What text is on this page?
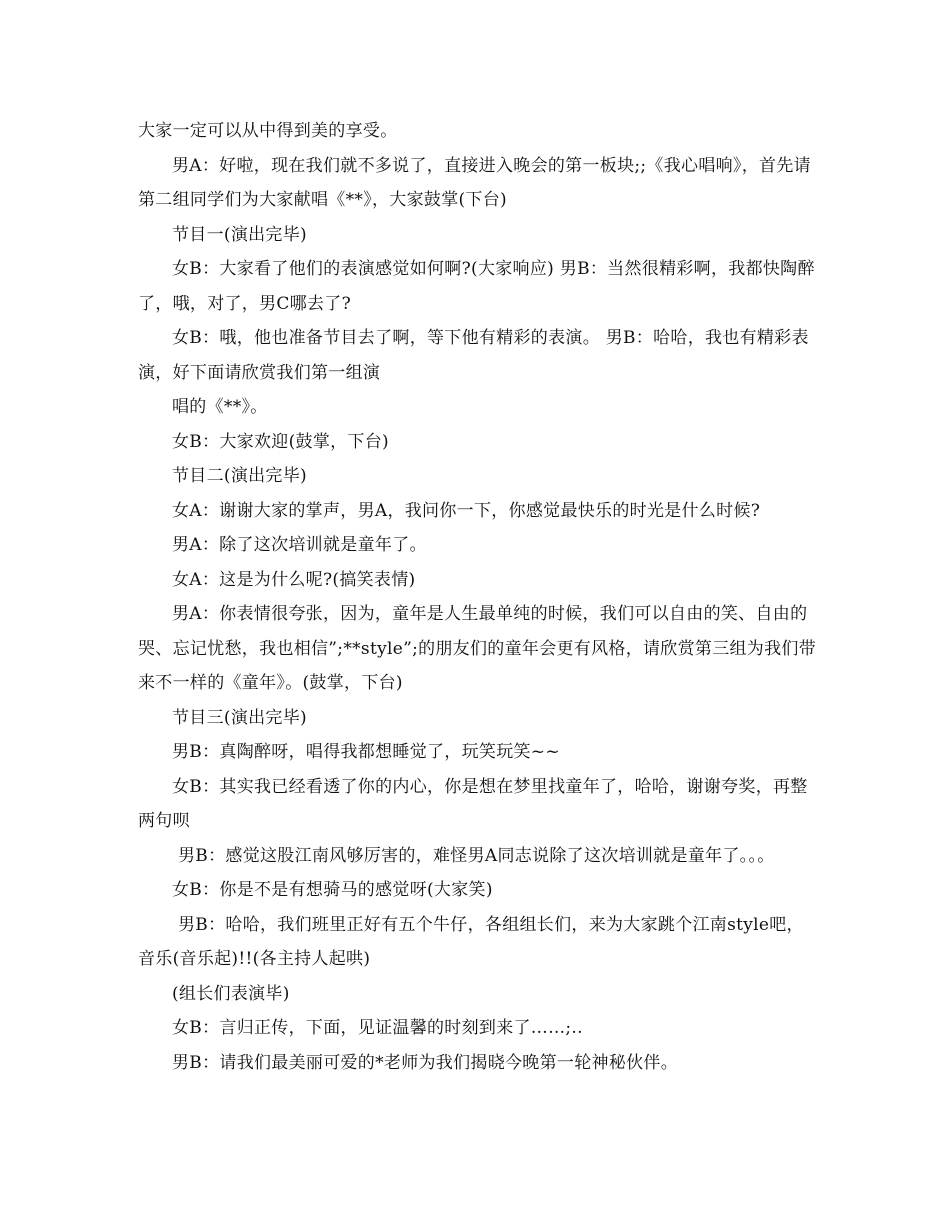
大家一定可以从中得到美的享受。

男A：好啦，现在我们就不多说了，直接进入晚会的第一板块;;《我心唱响》，首先请第二组同学们为大家献唱《**》，大家鼓掌(下台)

节目一(演出完毕)

女B：大家看了他们的表演感觉如何啊?(大家响应) 男B：当然很精彩啊，我都快陶醉了，哦，对了，男C哪去了?

女B：哦，他也准备节目去了啊，等下他有精彩的表演。 男B：哈哈，我也有精彩表演，好下面请欣赏我们第一组演

唱的《**》。

女B：大家欢迎(鼓掌，下台)

节目二(演出完毕)

女A：谢谢大家的掌声，男A，我问你一下，你感觉最快乐的时光是什么时候?

男A：除了这次培训就是童年了。

女A：这是为什么呢?(搞笑表情)

男A：你表情很夸张，因为，童年是人生最单纯的时候，我们可以自由的笑、自由的哭、忘记忧愁，我也相信”;**style”;的朋友们的童年会更有风格，请欣赏第三组为我们带来不一样的《童年》。(鼓掌，下台)

节目三(演出完毕)

男B：真陶醉呀，唱得我都想睡觉了，玩笑玩笑~~

女B：其实我已经看透了你的内心，你是想在梦里找童年了，哈哈，谢谢夸奖，再整两句呗

男B：感觉这股江南风够厉害的，难怪男A同志说除了这次培训就是童年了。。。

女B：你是不是有想骑马的感觉呀(大家笑)

男B：哈哈，我们班里正好有五个牛仔，各组组长们，来为大家跳个江南style吧，音乐(音乐起)!!(各主持人起哄)

(组长们表演毕)

女B：言归正传，下面，见证温馨的时刻到来了……;..

男B：请我们最美丽可爱的*老师为我们揭晓今晚第一轮神秘伙伴。
